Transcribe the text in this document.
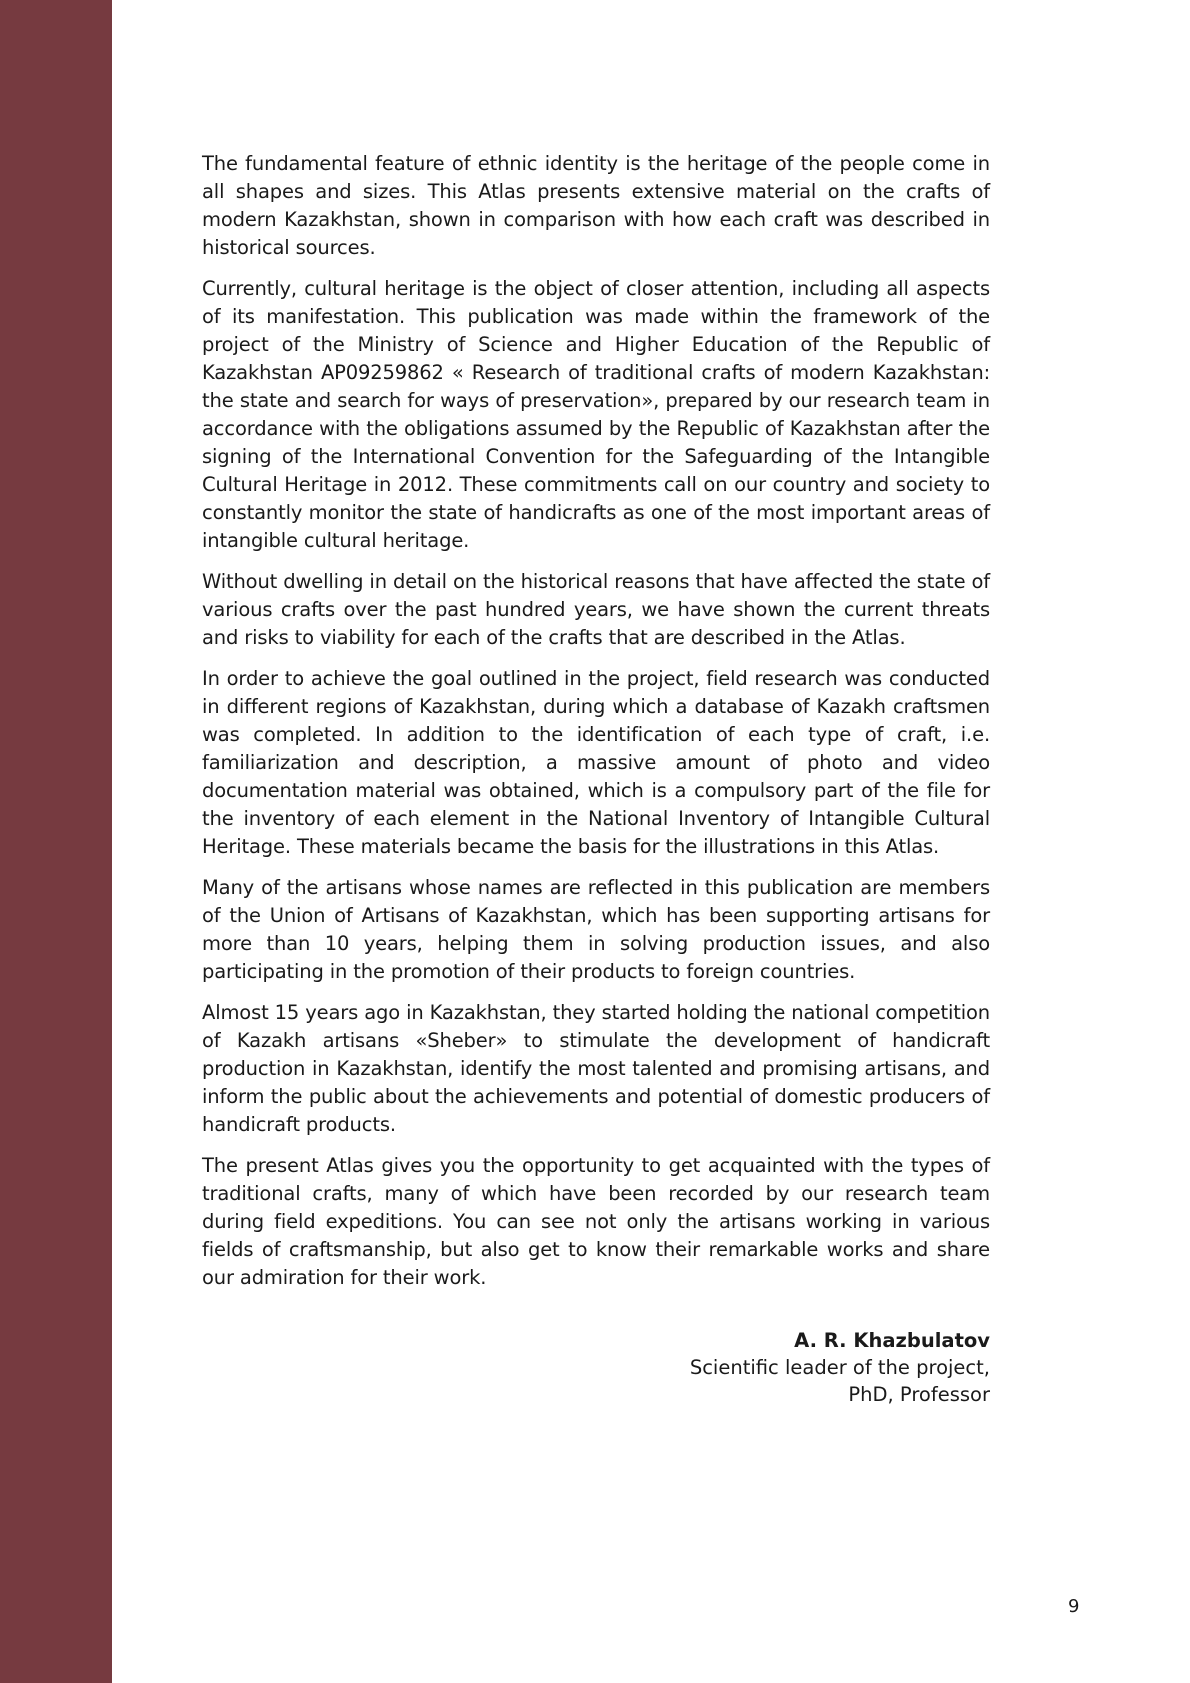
The fundamental feature of ethnic identity is the heritage of the people come in all shapes and sizes. This Atlas presents extensive material on the crafts of modern Kazakhstan, shown in comparison with how each craft was described in historical sources.

Currently, cultural heritage is the object of closer attention, including all aspects of its manifestation. This publication was made within the framework of the project of the Ministry of Science and Higher Education of the Republic of Kazakhstan AP09259862 « Research of traditional crafts of modern Kazakhstan: the state and search for ways of preservation», prepared by our research team in accordance with the obligations assumed by the Republic of Kazakhstan after the signing of the International Convention for the Safeguarding of the Intangible Cultural Heritage in 2012. These commitments call on our country and society to constantly monitor the state of handicrafts as one of the most important areas of intangible cultural heritage.

Without dwelling in detail on the historical reasons that have affected the state of various crafts over the past hundred years, we have shown the current threats and risks to viability for each of the crafts that are described in the Atlas.

In order to achieve the goal outlined in the project, field research was conducted in different regions of Kazakhstan, during which a database of Kazakh craftsmen was completed. In addition to the identification of each type of craft, i.e. familiarization and description, a massive amount of photo and video documentation material was obtained, which is a compulsory part of the file for the inventory of each element in the National Inventory of Intangible Cultural Heritage. These materials became the basis for the illustrations in this Atlas.

Many of the artisans whose names are reflected in this publication are members of the Union of Artisans of Kazakhstan, which has been supporting artisans for more than 10 years, helping them in solving production issues, and also participating in the promotion of their products to foreign countries.

Almost 15 years ago in Kazakhstan, they started holding the national competition of Kazakh artisans «Sheber» to stimulate the development of handicraft production in Kazakhstan, identify the most talented and promising artisans, and inform the public about the achievements and potential of domestic producers of handicraft products.

The present Atlas gives you the opportunity to get acquainted with the types of traditional crafts, many of which have been recorded by our research team during field expeditions. You can see not only the artisans working in various fields of craftsmanship, but also get to know their remarkable works and share our admiration for their work.

A. R. Khazbulatov
Scientific leader of the project,
PhD, Professor
9
